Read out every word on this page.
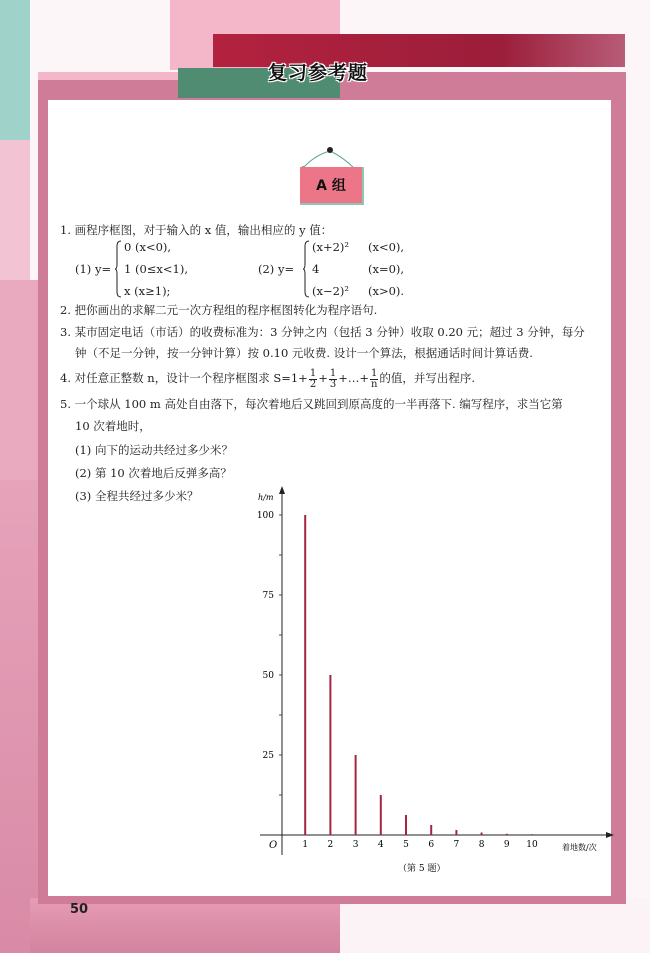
复习参考题
A 组
1. 画程序框图，对于输入的 x 值，输出相应的 y 值：
(1) y=
0 (x<0),
1 (0≤x<1),
x (x≥1);
(2) y=
(x+2)² (x<0),
4	(x=0),
(x−2)² (x>0).
2. 把你画出的求解二元一次方程组的程序框图转化为程序语句.
3. 某市固定电话（市话）的收费标准为：3 分钟之内（包括 3 分钟）收取 0.20 元；超过 3 分钟，每分
钟（不足一分钟，按一分钟计算）按 0.10 元收费. 设计一个算法，根据通话时间计算话费.
4. 对任意正整数 n，设计一个程序框图求 $S=1+ \frac{1}{2} + \frac{1}{3}$ +…+ $\frac{1}{n}$ 的值，并写出程序.
5. 一个球从 100 m 高处自由落下，每次着地后又跳回到原高度的一半再落下. 编写程序，求当它第
10 次着地时，
(1) 向下的运动共经过多少米？
(2) 第 10 次着地后反弹多高？
(3) 全程共经过多少米？
25
50
75
100
1 2 3 4 5 6 7 8 9 10
h/m
着地数/次
O
（第 5 题）
50
